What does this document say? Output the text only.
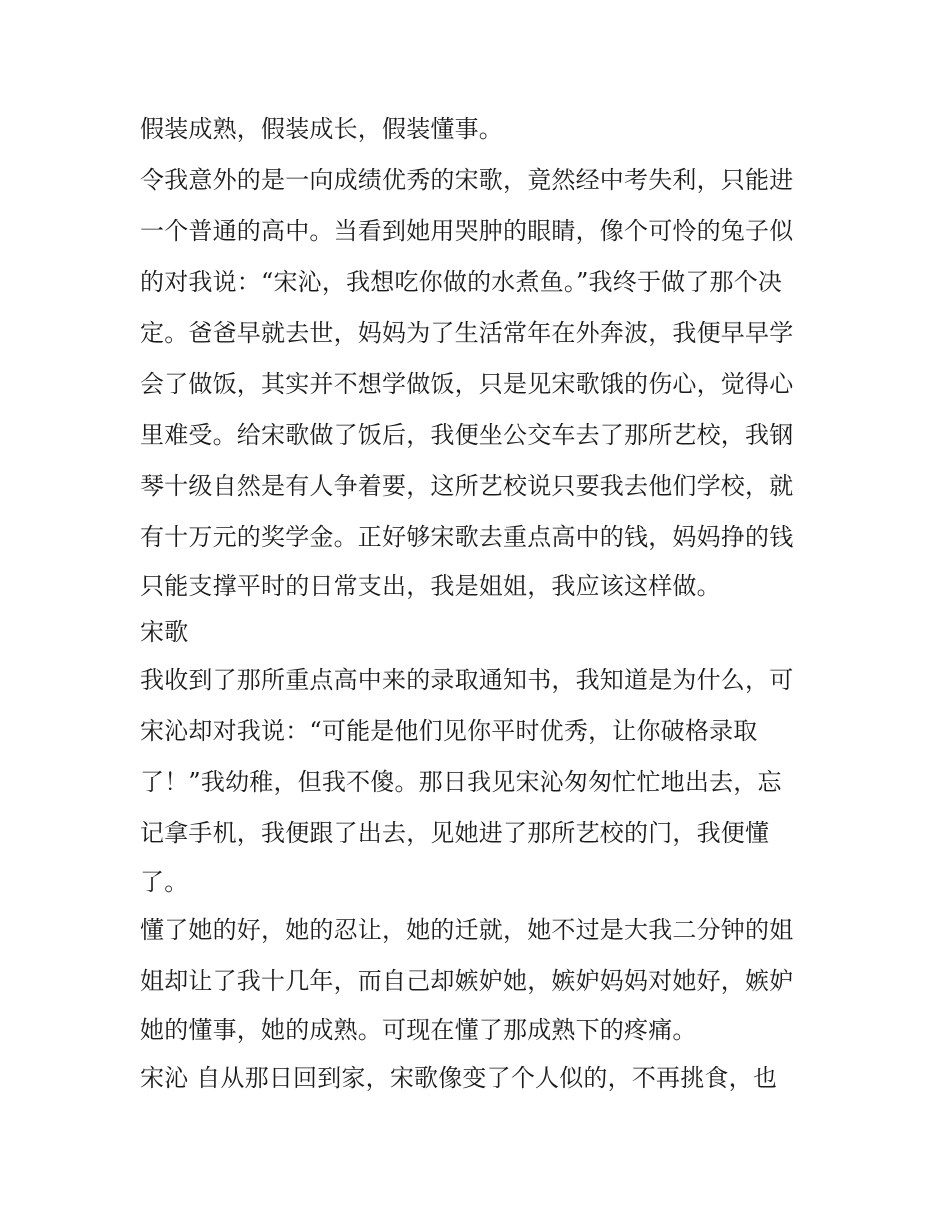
假装成熟，假装成长，假装懂事。
令我意外的是一向成绩优秀的宋歌，竟然经中考失利，只能进
一个普通的高中。当看到她用哭肿的眼睛，像个可怜的兔子似
的对我说：“宋沁，我想吃你做的水煮鱼。”我终于做了那个决
定。爸爸早就去世，妈妈为了生活常年在外奔波，我便早早学
会了做饭，其实并不想学做饭，只是见宋歌饿的伤心，觉得心
里难受。给宋歌做了饭后，我便坐公交车去了那所艺校，我钢
琴十级自然是有人争着要，这所艺校说只要我去他们学校，就
有十万元的奖学金。正好够宋歌去重点高中的钱，妈妈挣的钱
只能支撑平时的日常支出，我是姐姐，我应该这样做。
宋歌
我收到了那所重点高中来的录取通知书，我知道是为什么，可
宋沁却对我说：“可能是他们见你平时优秀，让你破格录取
了！”我幼稚，但我不傻。那日我见宋沁匆匆忙忙地出去，忘
记拿手机，我便跟了出去，见她进了那所艺校的门，我便懂
了。
懂了她的好，她的忍让，她的迁就，她不过是大我二分钟的姐
姐却让了我十几年，而自己却嫉妒她，嫉妒妈妈对她好，嫉妒
她的懂事，她的成熟。可现在懂了那成熟下的疼痛。
宋沁 自从那日回到家，宋歌像变了个人似的，不再挑食，也
